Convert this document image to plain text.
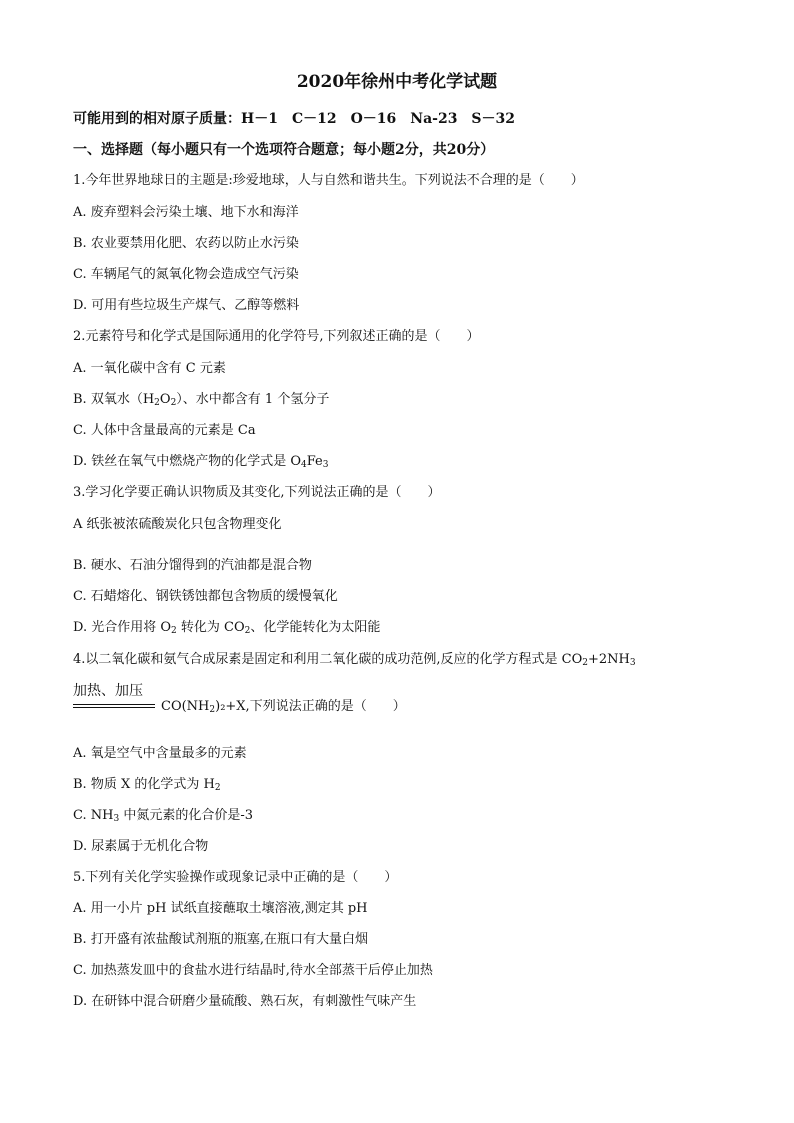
2020年徐州中考化学试题
可能用到的相对原子质量：H－1　C－12　O－16　Na-23　S－32
一、选择题（每小题只有一个选项符合题意；每小题2分，共20分）
1.今年世界地球日的主题是:珍爱地球，人与自然和谐共生。下列说法不合理的是（　　）
A. 废弃塑料会污染土壤、地下水和海洋
B. 农业要禁用化肥、农药以防止水污染
C. 车辆尾气的氮氧化物会造成空气污染
D. 可用有些垃圾生产煤气、乙醇等燃料
2.元素符号和化学式是国际通用的化学符号,下列叙述正确的是（　　）
A. 一氧化碳中含有 C 元素
B. 双氧水$(H_2O_2)$、水中都含有 1 个氢分子
C. 人体中含量最高的元素是 Ca
D. 铁丝在氧气中燃烧产物的化学式是 $O_4Fe_3$
3.学习化学要正确认识物质及其变化,下列说法正确的是（　　）
A 纸张被浓硫酸炭化只包含物理变化
B. 硬水、石油分馏得到的汽油都是混合物
C. 石蜡熔化、钢铁锈蚀都包含物质的缓慢氧化
D. 光合作用将 $O_2$ 转化为 $CO_2$、化学能转化为太阳能
4.以二氧化碳和氨气合成尿素是固定和利用二氧化碳的成功范例,反应的化学方程式是 $CO_2+2NH_3$
加热、加压
$CO(NH_2)_2+X$,下列说法正确的是（　　）
A. 氧是空气中含量最多的元素
B. 物质 X 的化学式为 $H_2$
C. $NH_3$ 中氮元素的化合价是-3
D. 尿素属于无机化合物
5.下列有关化学实验操作或现象记录中正确的是（　　）
A. 用一小片 pH 试纸直接蘸取土壤溶液,测定其 pH
B. 打开盛有浓盐酸试剂瓶的瓶塞,在瓶口有大量白烟
C. 加热蒸发皿中的食盐水进行结晶时,待水全部蒸干后停止加热
D. 在研钵中混合研磨少量硫酸、熟石灰，有刺激性气味产生
